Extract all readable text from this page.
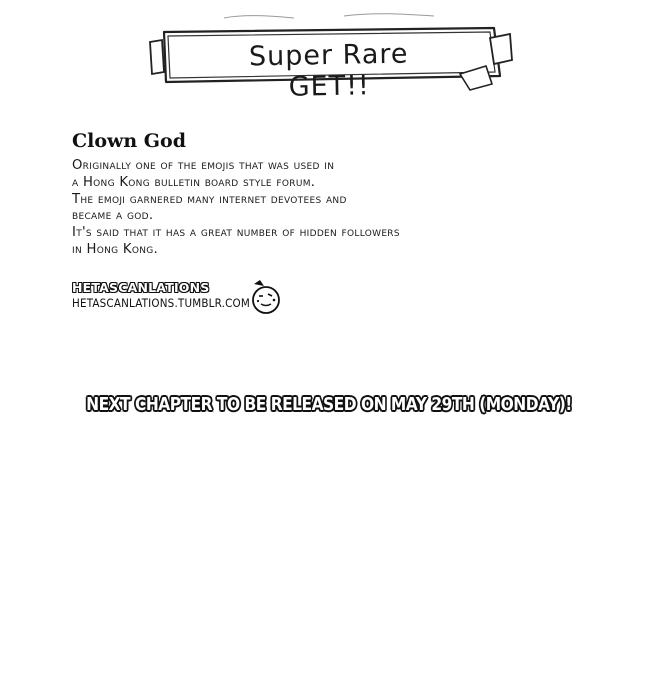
Super Rare GET!!
Clown God
Originally one of the emojis that was used in
a Hong Kong bulletin board style forum.
The emoji garnered many internet devotees and
became a god.
It's said that it has a great number of hidden followers
in Hong Kong.
HETASCANLATIONS
HETASCANLATIONS.TUMBLR.COM
NEXT CHAPTER TO BE RELEASED ON MAY 29TH (MONDAY)!
